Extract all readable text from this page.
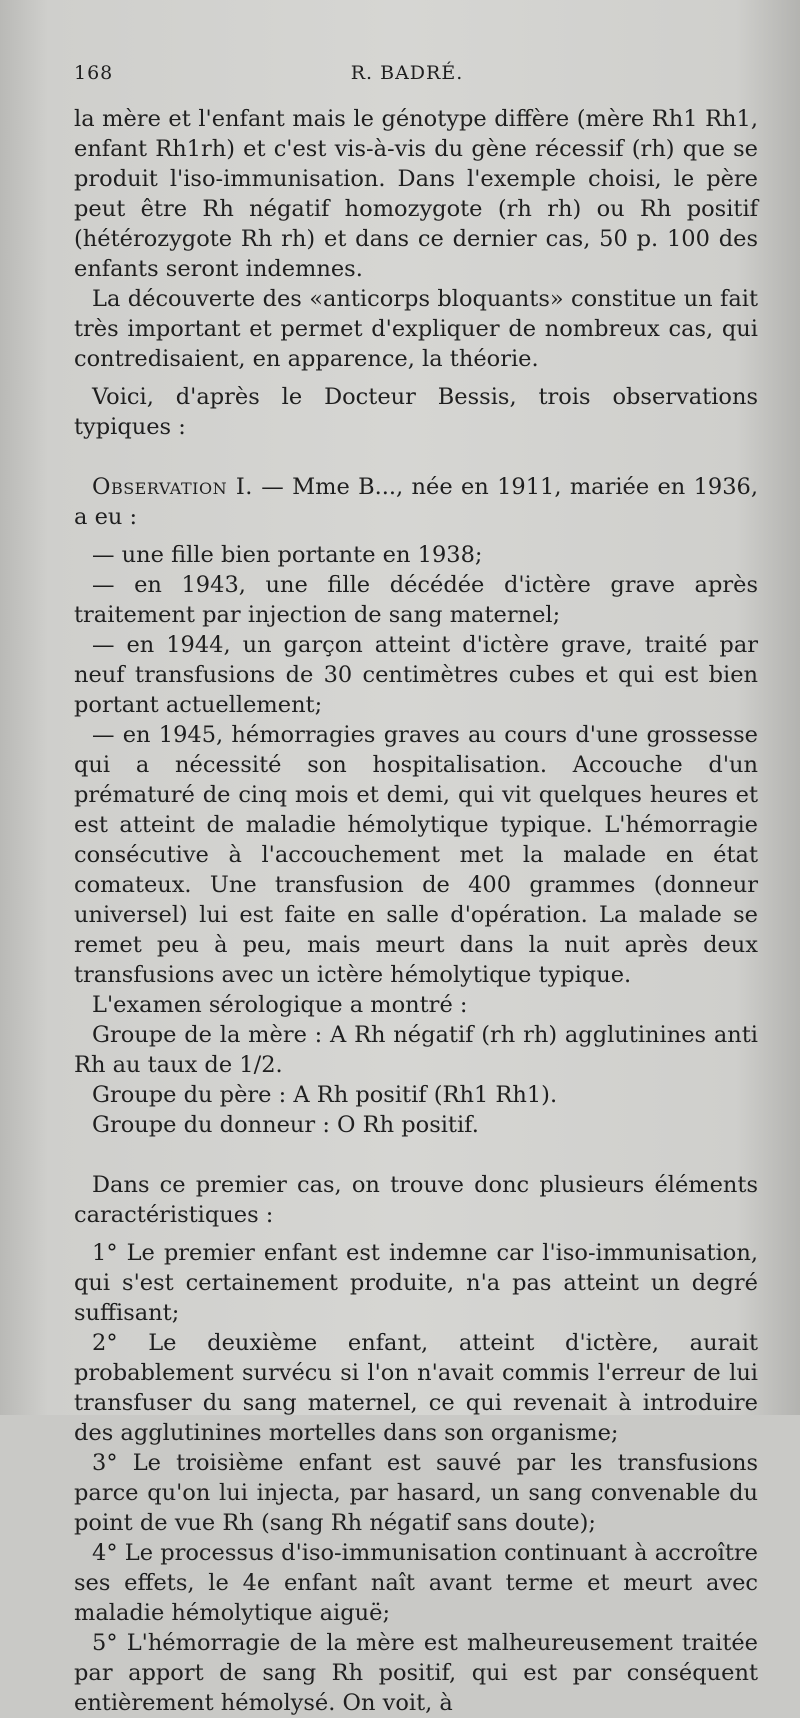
168	R. BADRÉ.

la mère et l'enfant mais le génotype diffère (mère Rh1 Rh1, enfant Rh1rh) et c'est vis-à-vis du gène récessif (rh) que se produit l'iso-immunisation. Dans l'exemple choisi, le père peut être Rh négatif homozygote (rh rh) ou Rh positif (hétérozygote Rh rh) et dans ce dernier cas, 50 p. 100 des enfants seront indemnes.

La découverte des «anticorps bloquants» constitue un fait très important et permet d'expliquer de nombreux cas, qui contredisaient, en apparence, la théorie.

Voici, d'après le Docteur Bessis, trois observations typiques :

Observation I. — Mme B..., née en 1911, mariée en 1936, a eu :

— une fille bien portante en 1938;

— en 1943, une fille décédée d'ictère grave après traitement par injection de sang maternel;

— en 1944, un garçon atteint d'ictère grave, traité par neuf transfusions de 30 centimètres cubes et qui est bien portant actuellement;

— en 1945, hémorragies graves au cours d'une grossesse qui a nécessité son hospitalisation. Accouche d'un prématuré de cinq mois et demi, qui vit quelques heures et est atteint de maladie hémolytique typique. L'hémorragie consécutive à l'accouchement met la malade en état comateux. Une transfusion de 400 grammes (donneur universel) lui est faite en salle d'opération. La malade se remet peu à peu, mais meurt dans la nuit après deux transfusions avec un ictère hémolytique typique.

L'examen sérologique a montré :

Groupe de la mère : A Rh négatif (rh rh) agglutinines anti Rh au taux de 1/2.

Groupe du père : A Rh positif (Rh1 Rh1).

Groupe du donneur : O Rh positif.

Dans ce premier cas, on trouve donc plusieurs éléments caractéristiques :

1° Le premier enfant est indemne car l'iso-immunisation, qui s'est certainement produite, n'a pas atteint un degré suffisant;

2° Le deuxième enfant, atteint d'ictère, aurait probablement survécu si l'on n'avait commis l'erreur de lui transfuser du sang maternel, ce qui revenait à introduire des agglutinines mortelles dans son organisme;

3° Le troisième enfant est sauvé par les transfusions parce qu'on lui injecta, par hasard, un sang convenable du point de vue Rh (sang Rh négatif sans doute);

4° Le processus d'iso-immunisation continuant à accroître ses effets, le 4e enfant naît avant terme et meurt avec maladie hémolytique aiguë;

5° L'hémorragie de la mère est malheureusement traitée par apport de sang Rh positif, qui est par conséquent entièrement hémolysé. On voit, à
